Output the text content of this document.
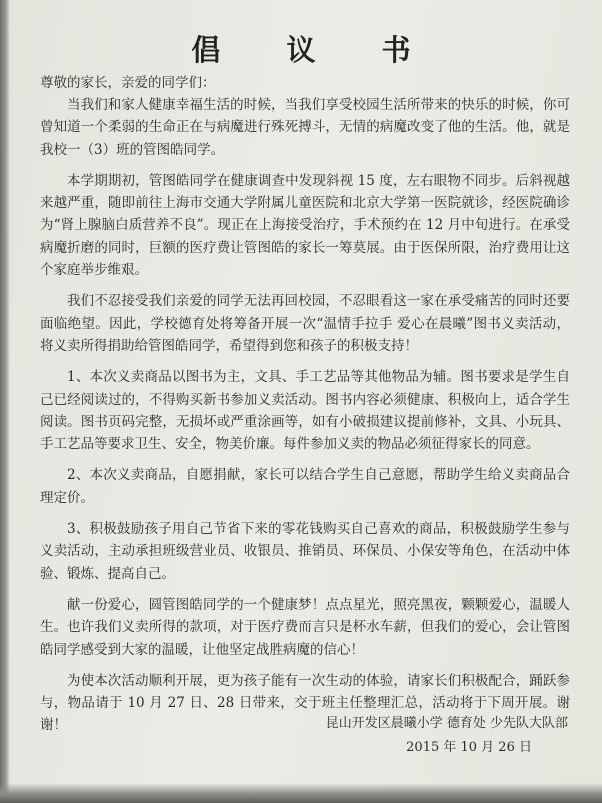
倡 议 书
尊敬的家长，亲爱的同学们：

当我们和家人健康幸福生活的时候，当我们享受校园生活所带来的快乐的时候，你可曾知道一个柔弱的生命正在与病魔进行殊死搏斗，无情的病魔改变了他的生活。他，就是我校一（3）班的管图皓同学。

本学期期初，管图皓同学在健康调查中发现斜视 15 度，左右眼物不同步。后斜视越来越严重，随即前往上海市交通大学附属儿童医院和北京大学第一医院就诊，经医院确诊为“肾上腺脑白质营养不良”。现正在上海接受治疗，手术预约在 12 月中旬进行。在承受病魔折磨的同时，巨额的医疗费让管图皓的家长一筹莫展。由于医保所限，治疗费用让这个家庭举步维艰。

我们不忍接受我们亲爱的同学无法再回校园，不忍眼看这一家在承受痛苦的同时还要面临绝望。因此，学校德育处将筹备开展一次“温情手拉手 爱心在晨曦”图书义卖活动，将义卖所得捐助给管图皓同学，希望得到您和孩子的积极支持！

1、本次义卖商品以图书为主，文具、手工艺品等其他物品为辅。图书要求是学生自己已经阅读过的，不得购买新书参加义卖活动。图书内容必须健康、积极向上，适合学生阅读。图书页码完整，无损坏或严重涂画等，如有小破损建议提前修补，文具、小玩具、手工艺品等要求卫生、安全，物美价廉。每件参加义卖的物品必须征得家长的同意。

2、本次义卖商品，自愿捐献，家长可以结合学生自己意愿，帮助学生给义卖商品合理定价。

3、积极鼓励孩子用自己节省下来的零花钱购买自己喜欢的商品，积极鼓励学生参与义卖活动，主动承担班级营业员、收银员、推销员、环保员、小保安等角色，在活动中体验、锻炼、提高自己。

献一份爱心，圆管图皓同学的一个健康梦！点点星光，照亮黑夜，颗颗爱心，温暖人生。也许我们义卖所得的款项，对于医疗费而言只是杯水车薪，但我们的爱心，会让管图皓同学感受到大家的温暖，让他坚定战胜病魔的信心！

为使本次活动顺利开展，更为孩子能有一次生动的体验，请家长们积极配合，踊跃参与，物品请于 10 月 27 日、28 日带来，交于班主任整理汇总，活动将于下周开展。谢谢！	昆山开发区晨曦小学 德育处 少先队大队部
2015 年 10 月 26 日
